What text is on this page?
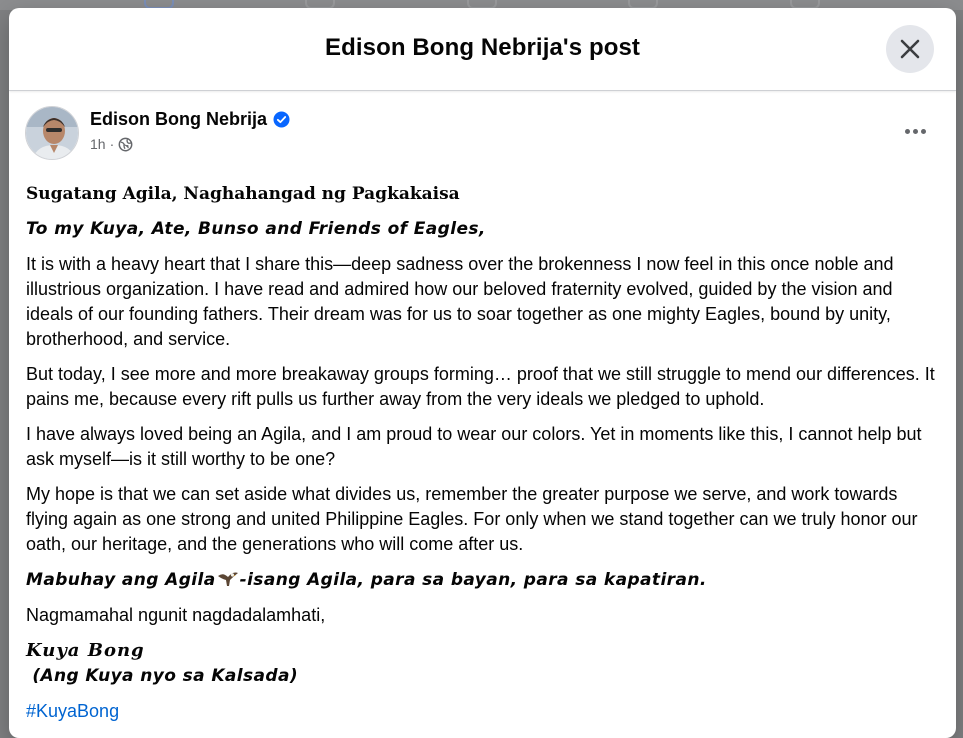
Edison Bong Nebrija's post
Edison Bong Nebrija
1h ·

Sugatang Agila, Naghahangad ng Pagkakaisa

To my Kuya, Ate, Bunso and Friends of Eagles,

It is with a heavy heart that I share this—deep sadness over the brokenness I now feel in this once noble and illustrious organization. I have read and admired how our beloved fraternity evolved, guided by the vision and ideals of our founding fathers. Their dream was for us to soar together as one mighty Eagles, bound by unity, brotherhood, and service.

But today, I see more and more breakaway groups forming… proof that we still struggle to mend our differences. It pains me, because every rift pulls us further away from the very ideals we pledged to uphold.

I have always loved being an Agila, and I am proud to wear our colors. Yet in moments like this, I cannot help but ask myself—is it still worthy to be one?

My hope is that we can set aside what divides us, remember the greater purpose we serve, and work towards flying again as one strong and united Philippine Eagles. For only when we stand together can we truly honor our oath, our heritage, and the generations who will come after us.

Mabuhay ang Agila -isang Agila, para sa bayan, para sa kapatiran.

Nagmamahal ngunit nagdadalamhati,

Kuya Bong

(Ang Kuya nyo sa Kalsada)

#KuyaBong
